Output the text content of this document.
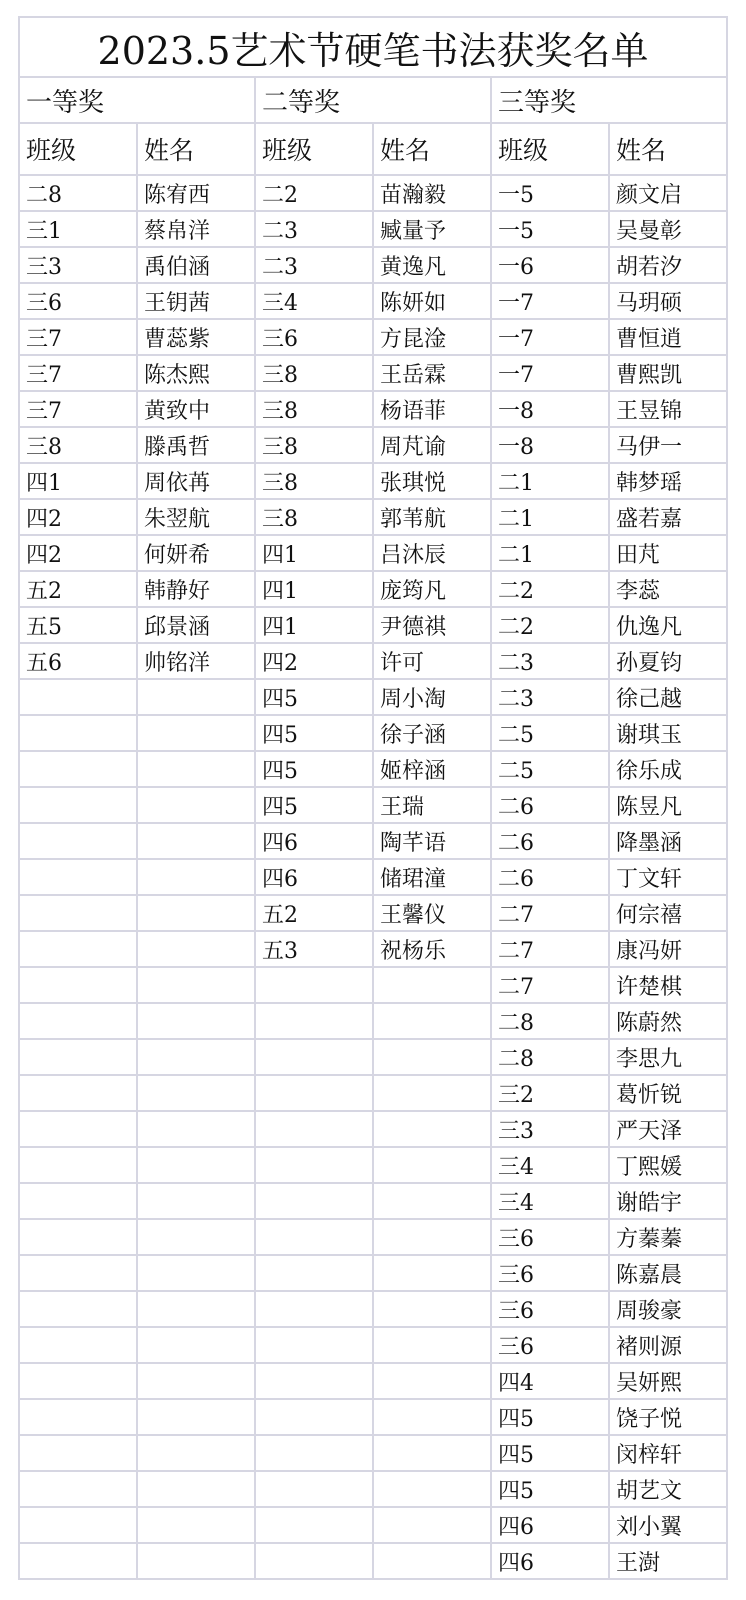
2023.5艺术节硬笔书法获奖名单					
一等奖		二等奖		三等奖	
班级	姓名	班级	姓名	班级	姓名
二8	陈宥西	二2	苗瀚毅	一5	颜文启
三1	蔡帛洋	二3	臧量予	一5	吴曼彰
三3	禹伯涵	二3	黄逸凡	一6	胡若汐
三6	王钥茜	三4	陈妍如	一7	马玥硕
三7	曹蕊紫	三6	方昆淦	一7	曹恒逍
三7	陈杰熙	三8	王岳霖	一7	曹熙凯
三7	黄致中	三8	杨语菲	一8	王昱锦
三8	滕禹哲	三8	周芃谕	一8	马伊一
四1	周依苒	三8	张琪悦	二1	韩梦瑶
四2	朱翌航	三8	郭苇航	二1	盛若嘉
四2	何妍希	四1	吕沐辰	二1	田芃
五2	韩静好	四1	庞筠凡	二2	李蕊
五5	邱景涵	四1	尹德祺	二2	仇逸凡
五6	帅铭洋	四2	许可	二3	孙夏钧
		四5	周小淘	二3	徐己越
		四5	徐子涵	二5	谢琪玉
		四5	姬梓涵	二5	徐乐成
		四5	王瑞	二6	陈昱凡
		四6	陶芊语	二6	降墨涵
		四6	储珺潼	二6	丁文轩
		五2	王馨仪	二7	何宗禧
		五3	祝杨乐	二7	康冯妍
				二7	许楚棋
				二8	陈蔚然
				二8	李思九
				三2	葛忻锐
				三3	严天泽
				三4	丁熙媛
				三4	谢皓宇
				三6	方蓁蓁
				三6	陈嘉晨
				三6	周骏豪
				三6	褚则源
				四4	吴妍熙
				四5	饶子悦
				四5	闵梓轩
				四5	胡艺文
				四6	刘小翼
				四6	王澍
